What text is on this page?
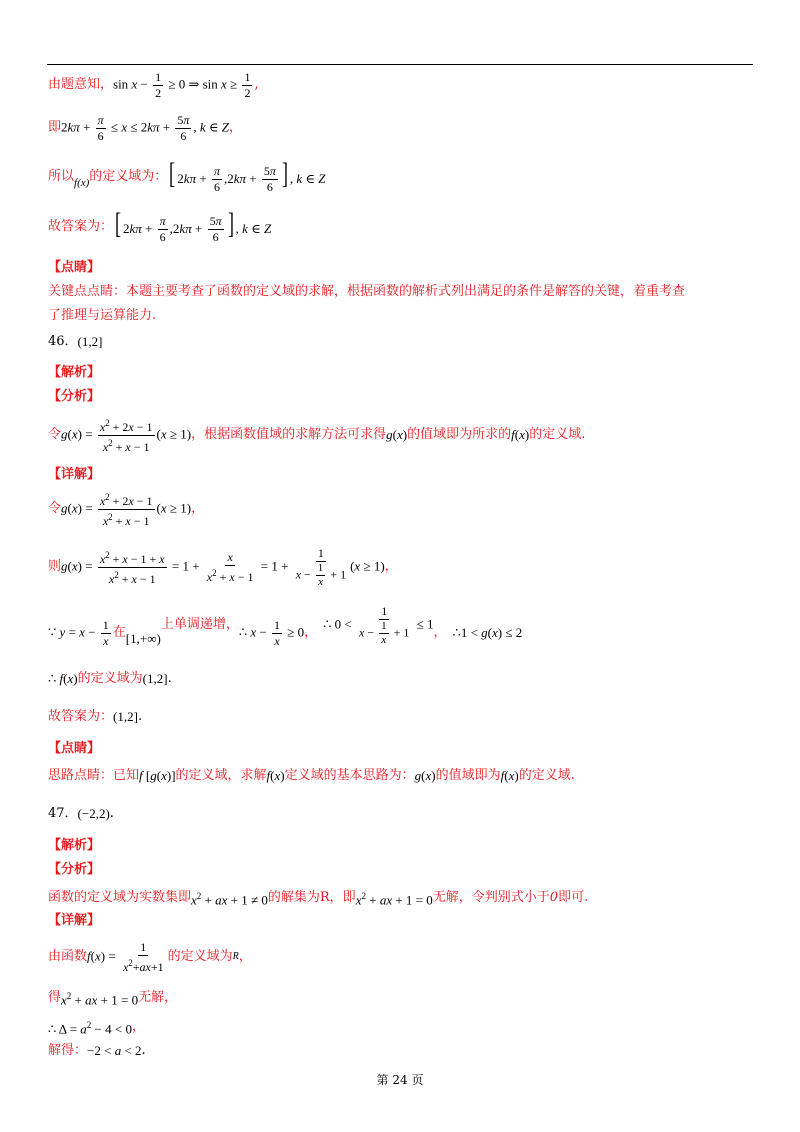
由题意知， $\sin x - \frac{1}{2} \ge 0$ ⇒ $\sin x \ge \frac{1}{2}$ ,
即 $2k\pi + \frac{\pi}{6} \le x \le 2k\pi + \frac{5\pi}{6}$ , k ∈ Z ，
所以 f(x) 的定义域为： [ $2k\pi + \frac{\pi}{6} ,2k\pi + \frac{5\pi}{6}$ ] , k ∈ Z
故答案为： [ $2k\pi + \frac{\pi}{6} ,2k\pi + \frac{5\pi}{6}$ ] , k ∈ Z
【点睛】
关键点点睛：本题主要考查了函数的定义域的求解，根据函数的解析式列出满足的条件是解答的关键，着重考查
了推理与运算能力.
46． (1,2]
【解析】
【分析】
令 $g(x) = \frac{x^2 + 2x - 1}{x^2 + x - 1} (x \ge 1)$ ，根据函数值域的求解方法可求得 g(x) 的值域即为所求的 f(x) 的定义域.
【详解】
令 $g(x) = \frac{x^2 + 2x - 1}{x^2 + x - 1} (x \ge 1)$ ，
则 $g(x) = \frac{x^2 + x - 1 + x}{x^2 + x - 1} = 1 + \frac{x}{x^2 + x - 1} = 1 + \frac{1}{x - \frac{1}{x} + 1} (x \ge 1)$ ，
∵ $y = x - \frac{1}{x}$ 在 [1,+∞)
上单调递增， ∴ $x - \frac{1}{x} \ge 0$ ，
∴ $0 < \frac{1}{x - \frac{1}{x} + 1} \le 1$
， ∴1 < g(x) ≤ 2
∴ f(x) 的定义域为 (1,2] .
故答案为： (1,2] .
【点睛】
思路点睛：已知 f [g(x)] 的定义域，求解 f(x) 定义域的基本思路为： g(x) 的值域即为 f(x) 的定义域.
47． (−2,2) .
【解析】
【分析】
函数的定义域为实数集即 $x^2$ + ax + 1 ≠ 0 的解集为R，即 $x^2$ + ax + 1 = 0 无解，令判别式小于 0 即可.
【详解】
由函数 $f(x) = \frac{1}{x^2+ax+1}$ 的定义域为 R ，
得 $x^2$ + ax + 1 = 0 无解，
∴ $\Delta = a^2 - 4 < 0$ ，
解得： −2 < a < 2 .
第 24 页
